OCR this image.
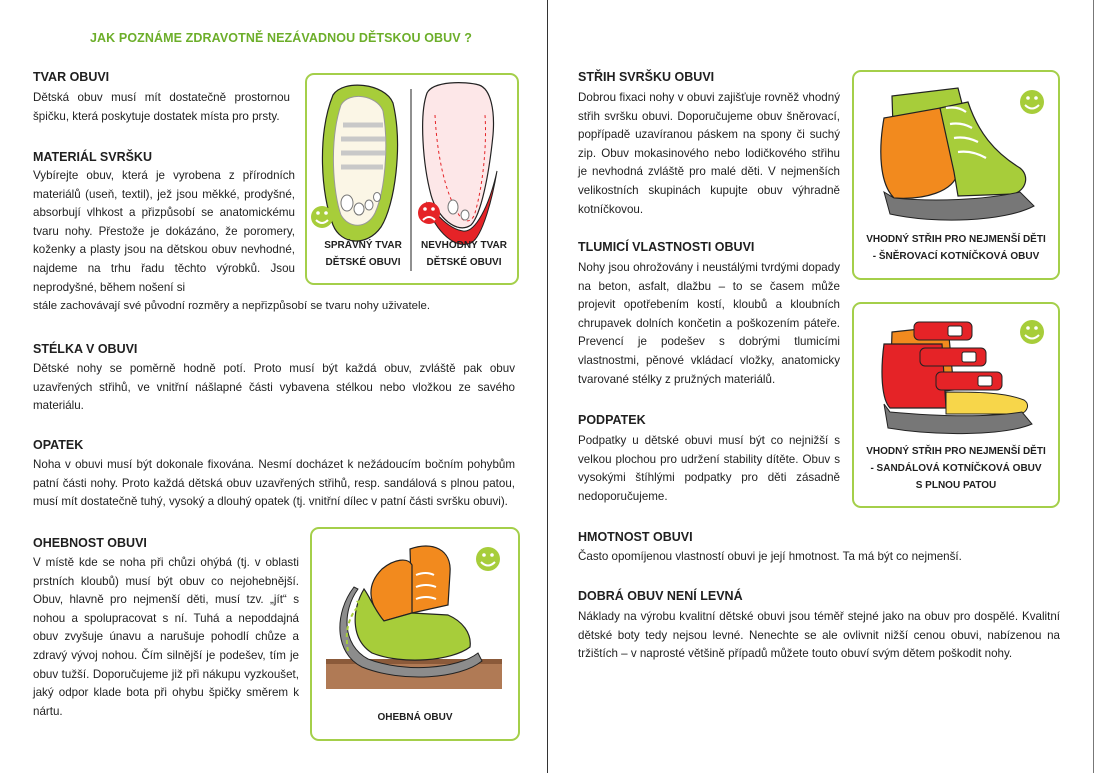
JAK POZNÁME ZDRAVOTNĚ NEZÁVADNOU DĚTSKOU OBUV ?
TVAR OBUVI
Dětská obuv musí mít dostatečně prostornou špičku, která poskytuje dostatek místa pro prsty.
MATERIÁL SVRŠKU
Vybírejte obuv, která je vyrobena z přírodních materiálů (useň, textil), jež jsou měkké, prodyšné, absorbují vlhkost a přizpůsobí se anatomickému tvaru nohy. Přestože je dokázáno, že poromery, koženky a plasty jsou na dětskou obuv nevhodné, najdeme na trhu řadu těchto výrobků. Jsou neprodyšné, během nošení si
stále zachovávají své původní rozměry a nepřizpůsobí se tvaru nohy uživatele.
SPRÁVNÝ TVAR
DĚTSKÉ OBUVI
NEVHODNÝ TVAR
DĚTSKÉ OBUVI
STÉLKA V OBUVI
Dětské nohy se poměrně hodně potí. Proto musí být každá obuv, zvláště pak obuv uzavřených střihů, ve vnitřní nášlapné části vybavena stélkou nebo vložkou ze savého materiálu.
OPATEK
Noha v obuvi musí být dokonale fixována. Nesmí docházet k nežádoucím bočním pohybům patní části nohy. Proto každá dětská obuv uzavřených střihů, resp. sandálová s plnou patou, musí mít dostatečně tuhý, vysoký a dlouhý opatek (tj. vnitřní dílec v patní části svršku obuvi).
OHEBNOST OBUVI
V místě kde se noha při chůzi ohýbá (tj. v oblasti prstních kloubů) musí být obuv co nejohebnější. Obuv, hlavně pro nejmenší děti, musí tzv. „jít“ s nohou a spolupracovat s ní. Tuhá a nepoddajná obuv zvyšuje únavu a narušuje pohodlí chůze a zdravý vývoj nohou. Čím silnější je podešev, tím je obuv tužší. Doporučujeme již při nákupu vyzkoušet, jaký odpor klade bota při ohybu špičky směrem k nártu.	OHEBNÁ OBUV
STŘIH SVRŠKU OBUVI
Dobrou fixaci nohy v obuvi zajišťuje rovněž vhodný střih svršku obuvi. Doporučujeme obuv šněrovací, popřípadě uzavíranou páskem na spony či suchý zip. Obuv mokasinového nebo lodičkového střihu je nevhodná zvláště pro malé děti. V nejmenších velikostních skupinách kupujte obuv výhradně kotníčkovou.
VHODNÝ STŘIH PRO NEJMENŠÍ DĚTI
- ŠNĚROVACÍ KOTNÍČKOVÁ OBUV
TLUMICÍ VLASTNOSTI OBUVI
Nohy jsou ohrožovány i neustálými tvrdými dopady na beton, asfalt, dlažbu – to se časem může projevit opotřebením kostí, kloubů a kloubních chrupavek dolních končetin a poškozením páteře. Prevencí je podešev s dobrými tlumicími vlastnostmi, pěnové vkládací vložky, anatomicky tvarované stélky z pružných materiálů.
VHODNÝ STŘIH PRO NEJMENŠÍ DĚTI
- SANDÁLOVÁ KOTNÍČKOVÁ OBUV
S PLNOU PATOU
PODPATEK
Podpatky u dětské obuvi musí být co nejnižší s velkou plochou pro udržení stability dítěte. Obuv s vysokými štíhlými podpatky pro děti zásadně nedoporučujeme.
HMOTNOST OBUVI
Často opomíjenou vlastností obuvi je její hmotnost. Ta má být co nejmenší.
DOBRÁ OBUV NENÍ LEVNÁ
Náklady na výrobu kvalitní dětské obuvi jsou téměř stejné jako na obuv pro dospělé. Kvalitní dětské boty tedy nejsou levné. Nenechte se ale ovlivnit nižší cenou obuvi, nabízenou na tržištích – v naprosté většině případů můžete touto obuví svým dětem poškodit nohy.
